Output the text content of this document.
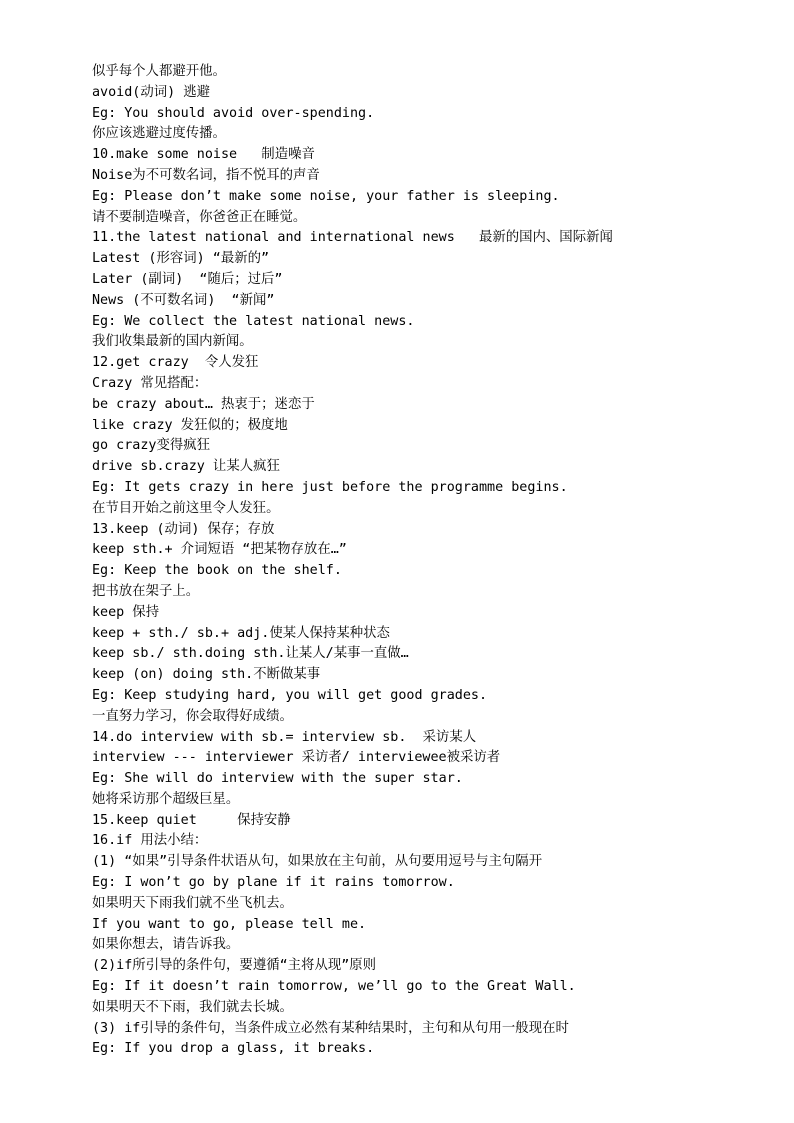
似乎每个人都避开他。
avoid(动词) 逃避
Eg: You should avoid over-spending.
你应该逃避过度传播。
10.make some noise   制造噪音
Noise为不可数名词，指不悦耳的声音
Eg: Please don’t make some noise, your father is sleeping.
请不要制造噪音，你爸爸正在睡觉。
11.the latest national and international news   最新的国内、国际新闻
Latest (形容词) “最新的”
Later (副词)  “随后；过后”
News (不可数名词)  “新闻”
Eg: We collect the latest national news.
我们收集最新的国内新闻。
12.get crazy  令人发狂
Crazy 常见搭配：
be crazy about… 热衷于；迷恋于
like crazy 发狂似的；极度地
go crazy变得疯狂
drive sb.crazy 让某人疯狂
Eg: It gets crazy in here just before the programme begins.
在节目开始之前这里令人发狂。
13.keep (动词) 保存；存放
keep sth.+ 介词短语 “把某物存放在…”
Eg: Keep the book on the shelf.
把书放在架子上。
keep 保持
keep + sth./ sb.+ adj.使某人保持某种状态
keep sb./ sth.doing sth.让某人/某事一直做…
keep (on) doing sth.不断做某事
Eg: Keep studying hard, you will get good grades.
一直努力学习，你会取得好成绩。
14.do interview with sb.= interview sb.  采访某人
interview --- interviewer 采访者/ interviewee被采访者
Eg: She will do interview with the super star.
她将采访那个超级巨星。
15.keep quiet     保持安静
16.if 用法小结：
(1) “如果”引导条件状语从句，如果放在主句前，从句要用逗号与主句隔开
Eg: I won’t go by plane if it rains tomorrow.
如果明天下雨我们就不坐飞机去。
If you want to go, please tell me.
如果你想去，请告诉我。
(2)if所引导的条件句，要遵循“主将从现”原则
Eg: If it doesn’t rain tomorrow, we’ll go to the Great Wall.
如果明天不下雨，我们就去长城。
(3) if引导的条件句，当条件成立必然有某种结果时，主句和从句用一般现在时
Eg: If you drop a glass, it breaks.
